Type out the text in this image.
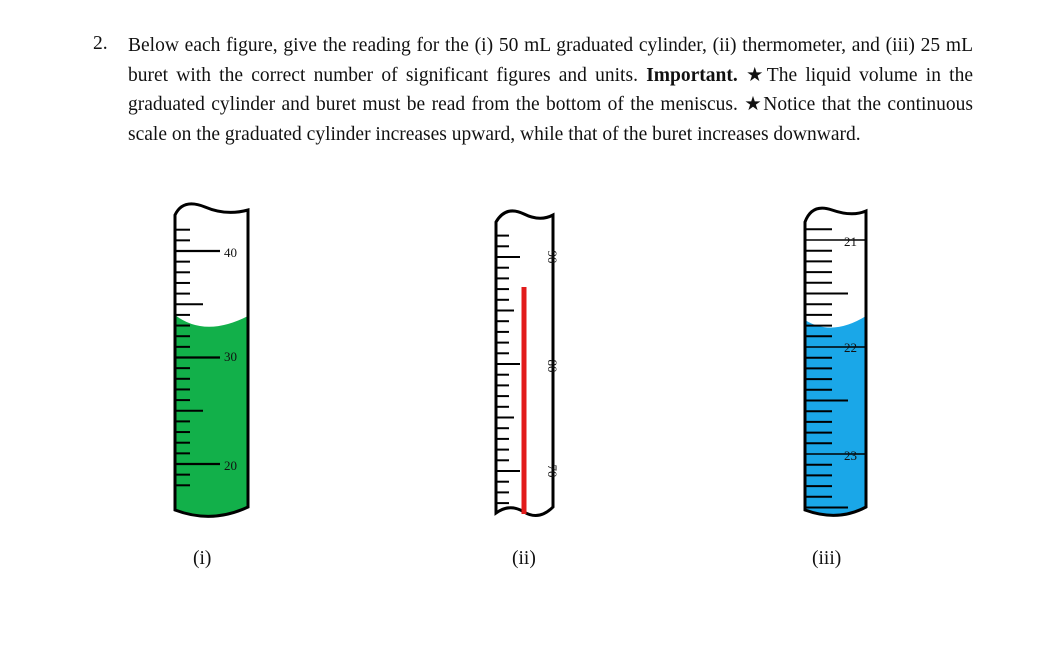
2. Below each figure, give the reading for the (i) 50 mL graduated cylinder, (ii) thermometer, and (iii) 25 mL buret with the correct number of significant figures and units. Important. ★The liquid volume in the graduated cylinder and buret must be read from the bottom of the meniscus. ★Notice that the continuous scale on the graduated cylinder increases upward, while that of the buret increases downward.

40
30
20
90
80
70
21
22
23
(i)	(ii)	(iii)
